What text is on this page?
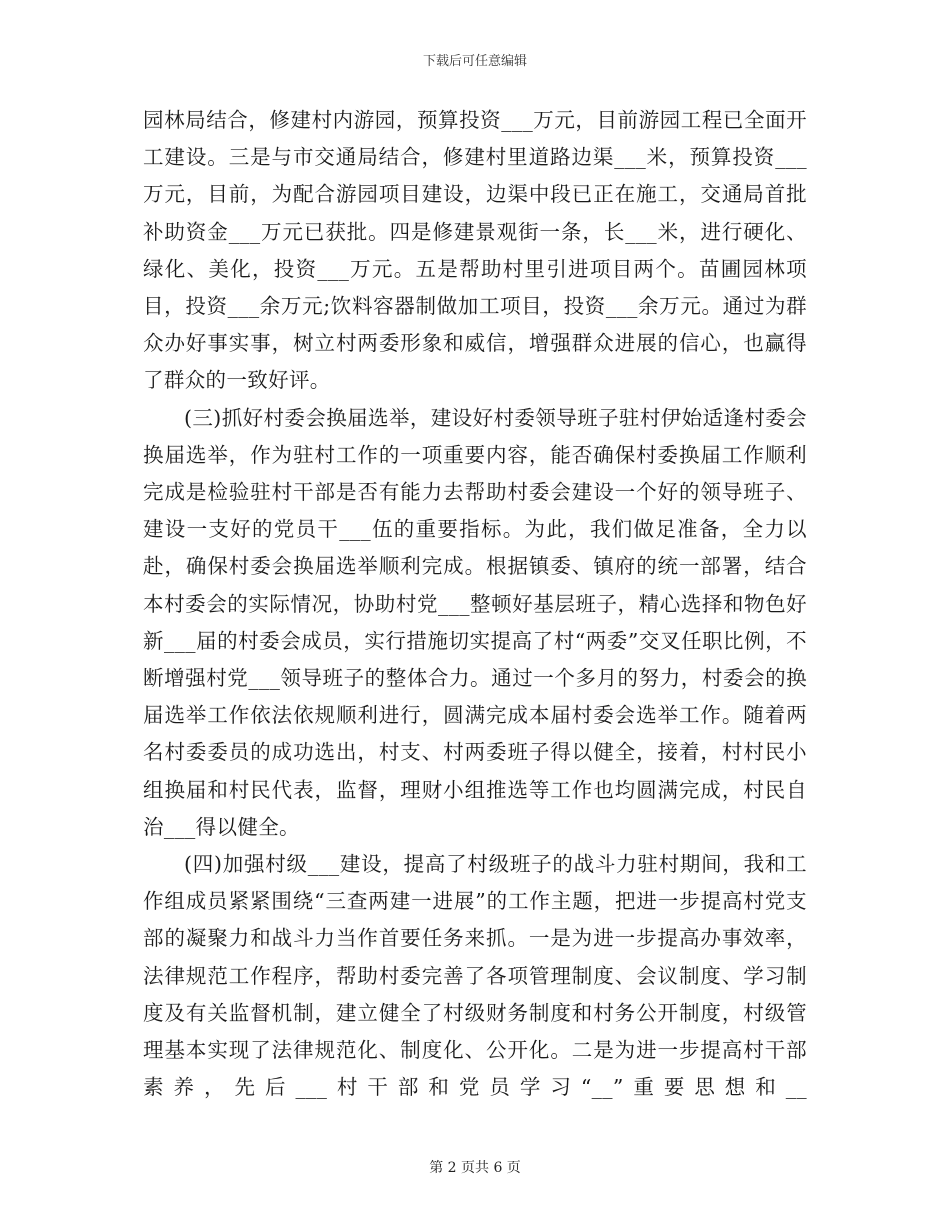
下载后可任意编辑

园林局结合，修建村内游园，预算投资___万元，目前游园工程已全面开工建设。三是与市交通局结合，修建村里道路边渠___米，预算投资___万元，目前，为配合游园项目建设，边渠中段已正在施工，交通局首批补助资金___万元已获批。四是修建景观街一条，长___米，进行硬化、绿化、美化，投资___万元。五是帮助村里引进项目两个。苗圃园林项目，投资___余万元;饮料容器制做加工项目，投资___余万元。通过为群众办好事实事，树立村两委形象和威信，增强群众进展的信心，也赢得了群众的一致好评。

(三)抓好村委会换届选举，建设好村委领导班子驻村伊始适逢村委会换届选举，作为驻村工作的一项重要内容，能否确保村委换届工作顺利完成是检验驻村干部是否有能力去帮助村委会建设一个好的领导班子、建设一支好的党员干___伍的重要指标。为此，我们做足准备，全力以赴，确保村委会换届选举顺利完成。根据镇委、镇府的统一部署，结合本村委会的实际情况，协助村党___整顿好基层班子，精心选择和物色好新___届的村委会成员，实行措施切实提高了村“两委”交叉任职比例，不断增强村党___领导班子的整体合力。通过一个多月的努力，村委会的换届选举工作依法依规顺利进行，圆满完成本届村委会选举工作。随着两名村委委员的成功选出，村支、村两委班子得以健全，接着，村村民小组换届和村民代表，监督，理财小组推选等工作也均圆满完成，村民自治___得以健全。

(四)加强村级___建设，提高了村级班子的战斗力驻村期间，我和工作组成员紧紧围绕“三查两建一进展”的工作主题，把进一步提高村党支部的凝聚力和战斗力当作首要任务来抓。一是为进一步提高办事效率，法律规范工作程序，帮助村委完善了各项管理制度、会议制度、学习制度及有关监督机制，建立健全了村级财务制度和村务公开制度，村级管理基本实现了法律规范化、制度化、公开化。二是为进一步提高村干部素养，先后___村干部和党员学习“__”重要思想和__

第 2 页共 6 页
